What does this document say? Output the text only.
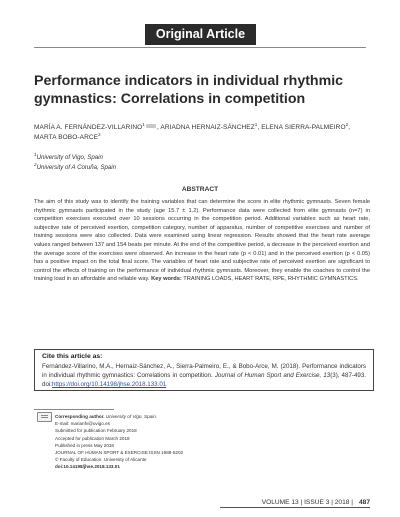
Original Article
Performance indicators in individual rhythmic gymnastics: Correlations in competition
MARÍA A. FERNÁNDEZ-VILLARINO$^1$ , ARIADNA HERNAIZ-SÁNCHEZ$^1$, ELENA SIERRA-PALMEIRO$^2$, MARTA BOBO-ARCE$^2$
$^1$University of Vigo, Spain
$^2$University of A Coruña, Spain
ABSTRACT
The aim of this study was to identify the training variables that can determine the score in elite rhythmic gymnasts. Seven female rhythmic gymnasts participated in the study (age 15.7 ± 1.2). Performance data were collected from elite gymnasts (n=7) in competition exercises executed over 10 sessions occurring in the competition period. Additional variables such as heart rate, subjective rate of perceived exertion, competition category, number of apparatus, number of competitive exercises and number of training sessions were also collected. Data were examined using linear regression. Results showed that the heart rate average values ranged between 137 and 154 beats per minute. At the end of the competitive period, a decrease in the perceived exertion and the average score of the exercises were observed. An increase in the heart rate (p < 0.01) and in the perceived exertion (p < 0.05) has a positive impact on the total final score. The variables of heart rate and subjective rate of perceived exertion are significant to control the effects of training on the performance of individual rhythmic gymnasts. Moreover, they enable the coaches to control the training load in an affordable and reliable way. Key words: TRAINING LOADS, HEART RATE, RPE, RHYTHMIC GYMNASTICS.
Cite this article as:
Fernández-Villarino, M.A., Hernaiz-Sánchez, A., Sierra-Palmeiro, E., & Bobo-Arce, M. (2018). Performance indicators in individual rhythmic gymnastics: Correlations in competition. Journal of Human Sport and Exercise, 13(3), 487-493. doi:https://doi.org/10.14198/jhse.2018.133.01
Corresponding author. University of Vigo, Spain.
E-mail: marianfv@uvigo.es
Submitted for publication February 2018
Accepted for publication March 2018
Published in press May 2018
JOURNAL OF HUMAN SPORT & EXERCISE ISSN 1988-5202
© Faculty of Education. University of Alicante
doi:10.14198/jhse.2018.133.01
VOLUME 13 | ISSUE 3 | 2018 | 487
